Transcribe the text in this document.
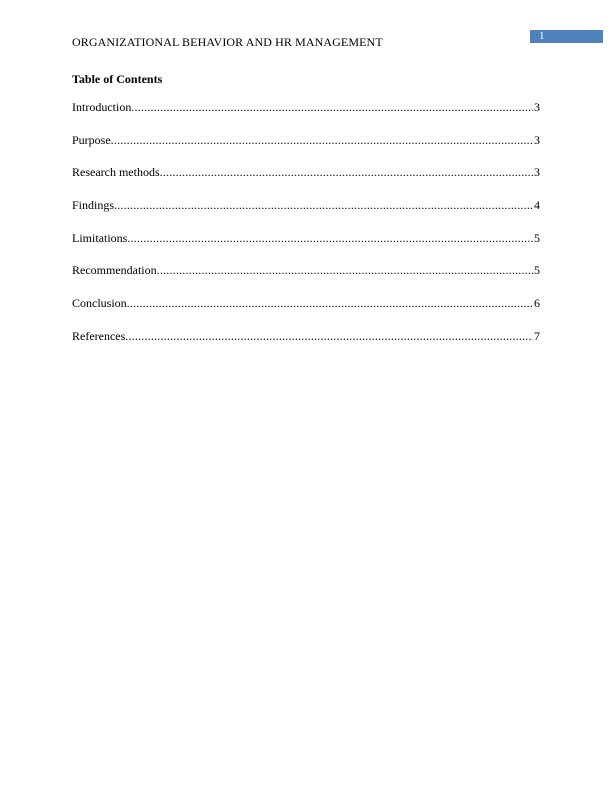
ORGANIZATIONAL BEHAVIOR AND HR MANAGEMENT	1
Table of Contents
Introduction .....	3
Purpose .....	3
Research methods .....	3
Findings .....	4
Limitations .....	5
Recommendation .....	5
Conclusion .....	6
References .....	7
